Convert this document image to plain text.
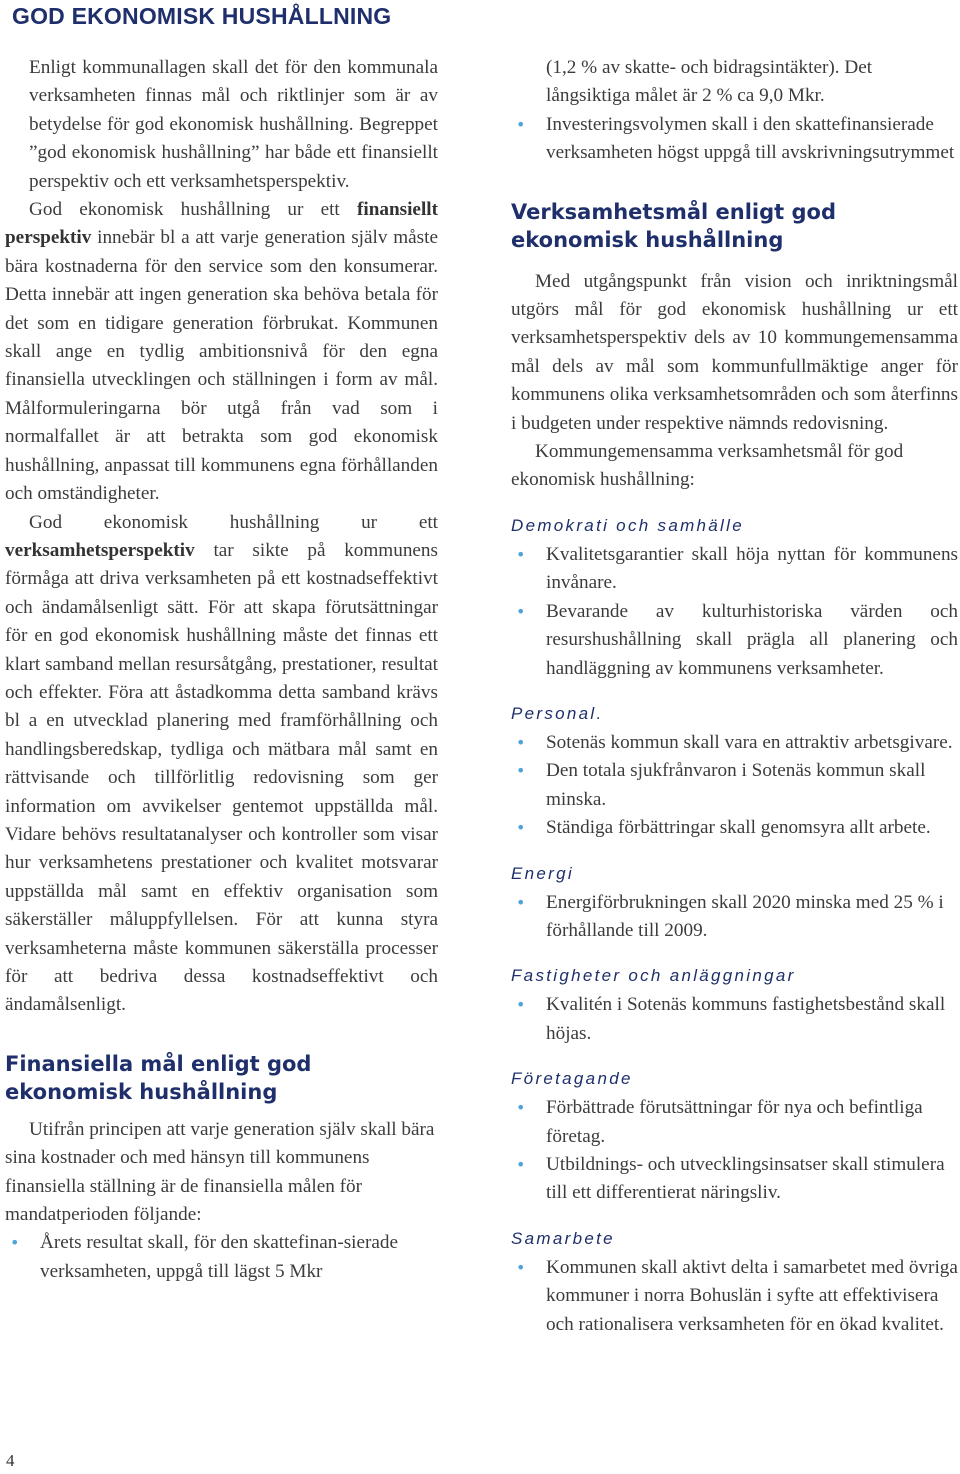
GOD EKONOMISK HUSHÅLLNING

Enligt kommunallagen skall det för den kommunala verksamheten finnas mål och riktlinjer som är av betydelse för god ekonomisk hushållning. Begreppet ”god ekonomisk hushållning” har både ett finansiellt perspektiv och ett verksamhetsperspektiv.

God ekonomisk hushållning ur ett finansiellt perspektiv innebär bl a att varje generation själv måste bära kostnaderna för den service som den konsumerar. Detta innebär att ingen generation ska behöva betala för det som en tidigare generation förbrukat. Kommunen skall ange en tydlig ambitionsnivå för den egna finansiella utvecklingen och ställningen i form av mål. Målformuleringarna bör utgå från vad som i normalfallet är att betrakta som god ekonomisk hushållning, anpassat till kommunens egna förhållanden och omständigheter.

God ekonomisk hushållning ur ett verksamhetsperspektiv tar sikte på kommunens förmåga att driva verksamheten på ett kostnadseffektivt och ändamålsenligt sätt. För att skapa förutsättningar för en god ekonomisk hushållning måste det finnas ett klart samband mellan resursåtgång, prestationer, resultat och effekter. Föra att åstadkomma detta samband krävs bl a en utvecklad planering med framförhållning och handlingsberedskap, tydliga och mätbara mål samt en rättvisande och tillförlitlig redovisning som ger information om avvikelser gentemot uppställda mål. Vidare behövs resultatanalyser och kontroller som visar hur verksamhetens prestationer och kvalitet motsvarar uppställda mål samt en effektiv organisation som säkerställer måluppfyllelsen. För att kunna styra verksamheterna måste kommunen säkerställa processer för att bedriva dessa kostnadseffektivt och ändamålsenligt.

Finansiella mål enligt god ekonomisk hushållning

Utifrån principen att varje generation själv skall bära sina kostnader och med hänsyn till kommunens finansiella ställning är de finansiella målen för mandatperioden följande:

• Årets resultat skall, för den skattefinan-sierade verksamheten, uppgå till lägst 5 Mkr
(1,2 % av skatte- och bidragsintäkter). Det långsiktiga målet är 2 % ca 9,0 Mkr.
• Investeringsvolymen skall i den skattefinansierade verksamheten högst uppgå till avskrivningsutrymmet
Verksamhetsmål enligt god ekonomisk hushållning

Med utgångspunkt från vision och inriktningsmål utgörs mål för god ekonomisk hushållning ur ett verksamhetsperspektiv dels av 10 kommungemensamma mål dels av mål som kommunfullmäktige anger för kommunens olika verksamhetsområden och som återfinns i budgeten under respektive nämnds redovisning.

Kommungemensamma verksamhetsmål för god ekonomisk hushållning:

Demokrati och samhälle
• Kvalitetsgarantier skall höja nyttan för kommunens invånare.
• Bevarande av kulturhistoriska värden och resurshushållning skall prägla all planering och handläggning av kommunens verksamheter.
Personal.
• Sotenäs kommun skall vara en attraktiv arbetsgivare.
• Den totala sjukfrånvaron i Sotenäs kommun skall minska.
• Ständiga förbättringar skall genomsyra allt arbete.
Energi
• Energiförbrukningen skall 2020 minska med 25 % i förhållande till 2009.
Fastigheter och anläggningar
• Kvalitén i Sotenäs kommuns fastighetsbestånd skall höjas.
Företagande
• Förbättrade förutsättningar för nya och befintliga företag.
• Utbildnings- och utvecklingsinsatser skall stimulera till ett differentierat näringsliv.
Samarbete
• Kommunen skall aktivt delta i samarbetet med övriga kommuner i norra Bohuslän i syfte att effektivisera och rationalisera verksamheten för en ökad kvalitet.
4
